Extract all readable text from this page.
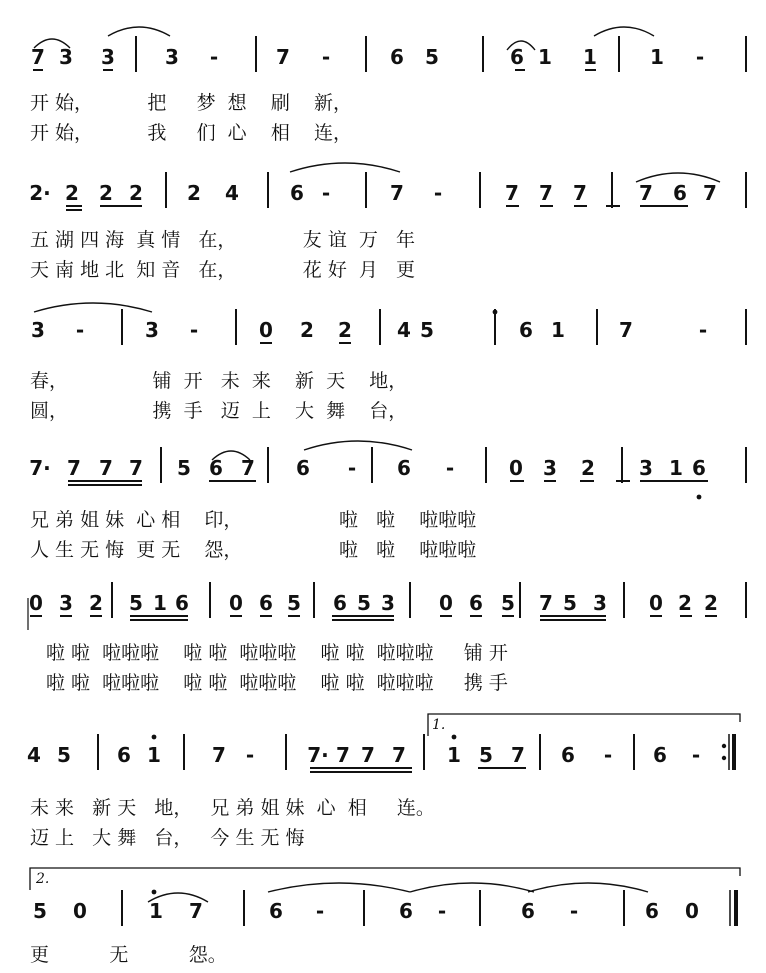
7 3 3	3 -	7 -	6 5	6 1 1	1 -
2· 2 2 2 2 4	6 -	7 -	7 7 7	7 6 7
3 -	3 -	0 2 2 4 5	6 1	7	-
7· 7 7 7 5 6 7 6 - 6 -	0 3 2 3 1 6
0 3 2 5 1 6 0 6 5 6 5 3 0 6 5 7 5 3 0 2 2
4 5 6 1	7 -	7· 7 7 7 1 5 7 6 - 6 -
1.
5 0	1 7	6 -	6 -	6 -	6 0
2.
开 始，         把     梦  想    刷    新，
开 始，         我     们  心    相    连，
五 湖 四 海  真 情   在，           友 谊  万   年
天 南 地 北  知 音   在，           花 好  月   更
春，              铺  开   未  来    新  天    地，
圆，              携  手   迈  上    大  舞    台，
兄 弟 姐 妹  心 相    印，                啦   啦    啦啦啦
人 生 无 悔  更 无    怨，                啦   啦    啦啦啦
啦 啦  啦啦啦    啦 啦  啦啦啦    啦 啦  啦啦啦     铺 开
啦 啦  啦啦啦    啦 啦  啦啦啦    啦 啦  啦啦啦     携 手
未 来   新 天   地，   兄 弟 姐 妹  心  相     连。
迈 上   大 舞   台，   今 生 无 悔
更          无          怨。
